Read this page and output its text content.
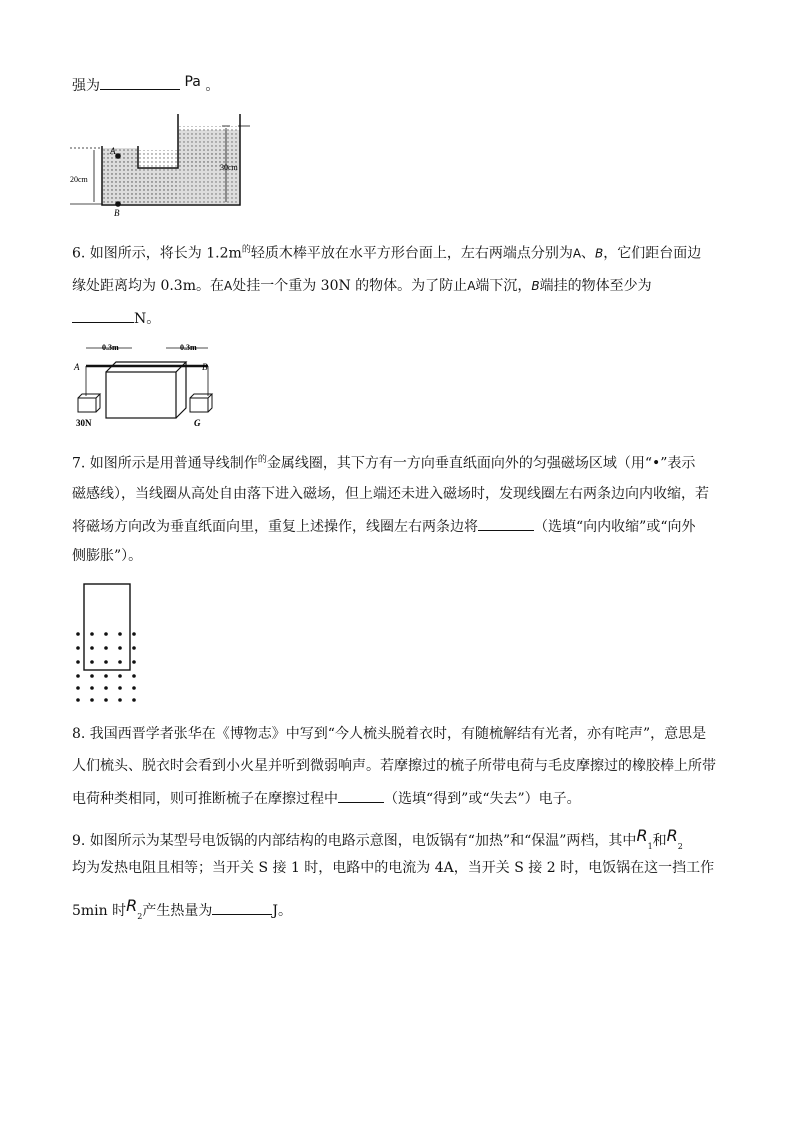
强为	Pa 。
A
B
20cm
30cm
6. 如图所示，将长为 $1.2m^的$轻质木棒平放在水平方形台面上，左右两端点分别为A、B，它们距台面边
缘处距离均为 0.3m。在A处挂一个重为 30N 的物体。为了防止A端下沉，B端挂的物体至少为
N。
0.3m	0.3m
A	B
30N	G
7. 如图所示是用普通导线制作$^的$金属线圈，其下方有一方向垂直纸面向外的匀强磁场区域（用“•”表示
磁感线），当线圈从高处自由落下进入磁场，但上端还未进入磁场时，发现线圈左右两条边向内收缩，若
将磁场方向改为垂直纸面向里，重复上述操作，线圈左右两条边将	（选填“向内收缩”或“向外
侧膨胀”）。
8. 我国西晋学者张华在《博物志》中写到“今人梳头脱着衣时，有随梳解结有光者，亦有咤声”，意思是
人们梳头、脱衣时会看到小火星并听到微弱响声。若摩擦过的梳子所带电荷与毛皮摩擦过的橡胶棒上所带
电荷种类相同，则可推断梳子在摩擦过程中	（选填“得到”或“失去”）电子。
9. 如图所示为某型号电饭锅的内部结构的电路示意图，电饭锅有“加热”和“保温”两档，其中$R_1$和$R_2$
均为发热电阻且相等；当开关 S 接 1 时，电路中的电流为 4A，当开关 S 接 2 时，电饭锅在这一挡工作
5min 时$R_2$产生热量为	J。
